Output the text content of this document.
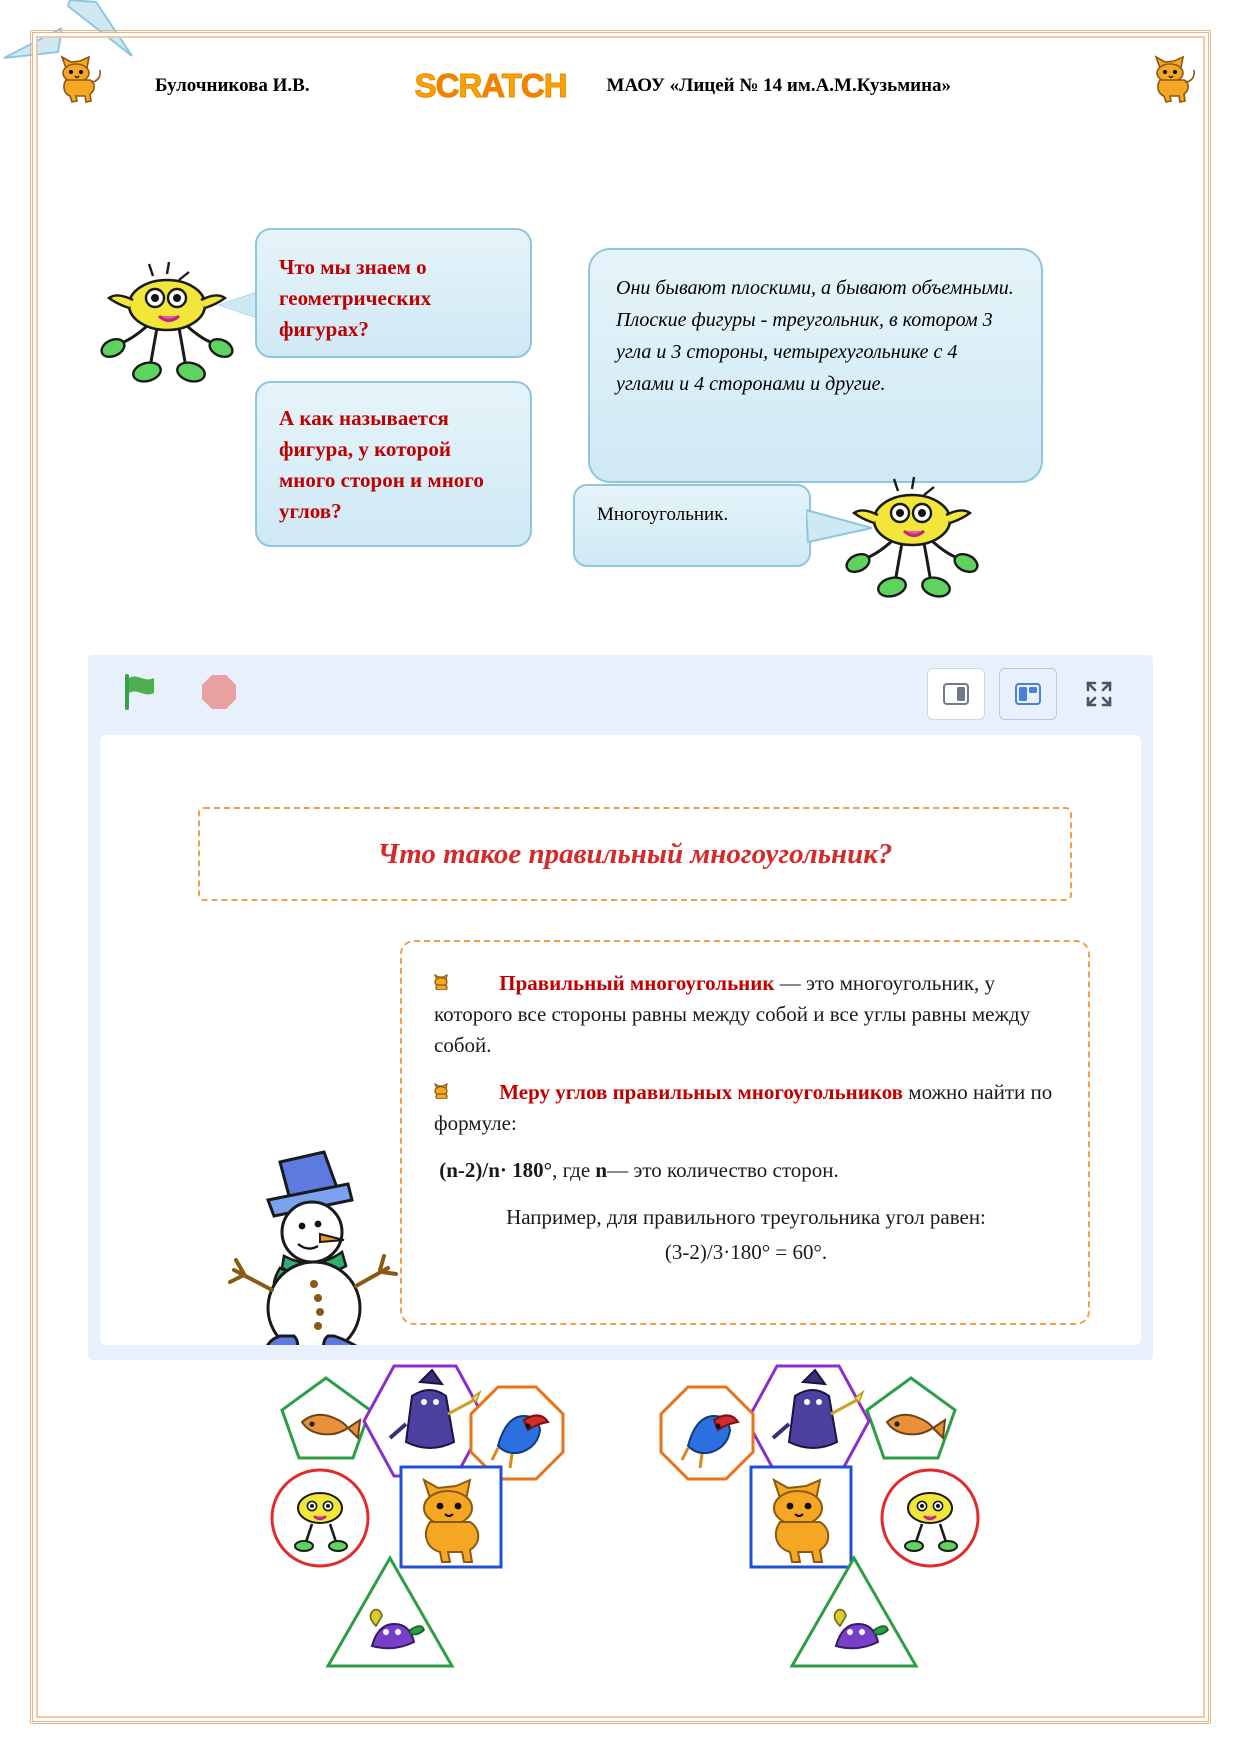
Булочникова И.В.	SCRATCH МАОУ «Лицей № 14 им.А.М.Кузьмина»
Что мы знаем о геометрических фигурах?

А как называется фигура, у которой много сторон и много углов?
Они бывают плоскими, а бывают объемными. Плоские фигуры - треугольник, в котором 3 угла и 3 стороны, четырехугольнике с 4 углами и 4 сторонами и другие.
Многоугольник.
Что такое правильный многоугольник?

Правильный многоугольник — это многоугольник, у которого все стороны равны между собой и все углы равны между собой.

Меру углов правильных многоугольников можно найти по формуле:

(n-2)/n· 180°, где n— это количество сторон.

Например, для правильного треугольника угол равен:

(3-2)/3·180° = 60°.
